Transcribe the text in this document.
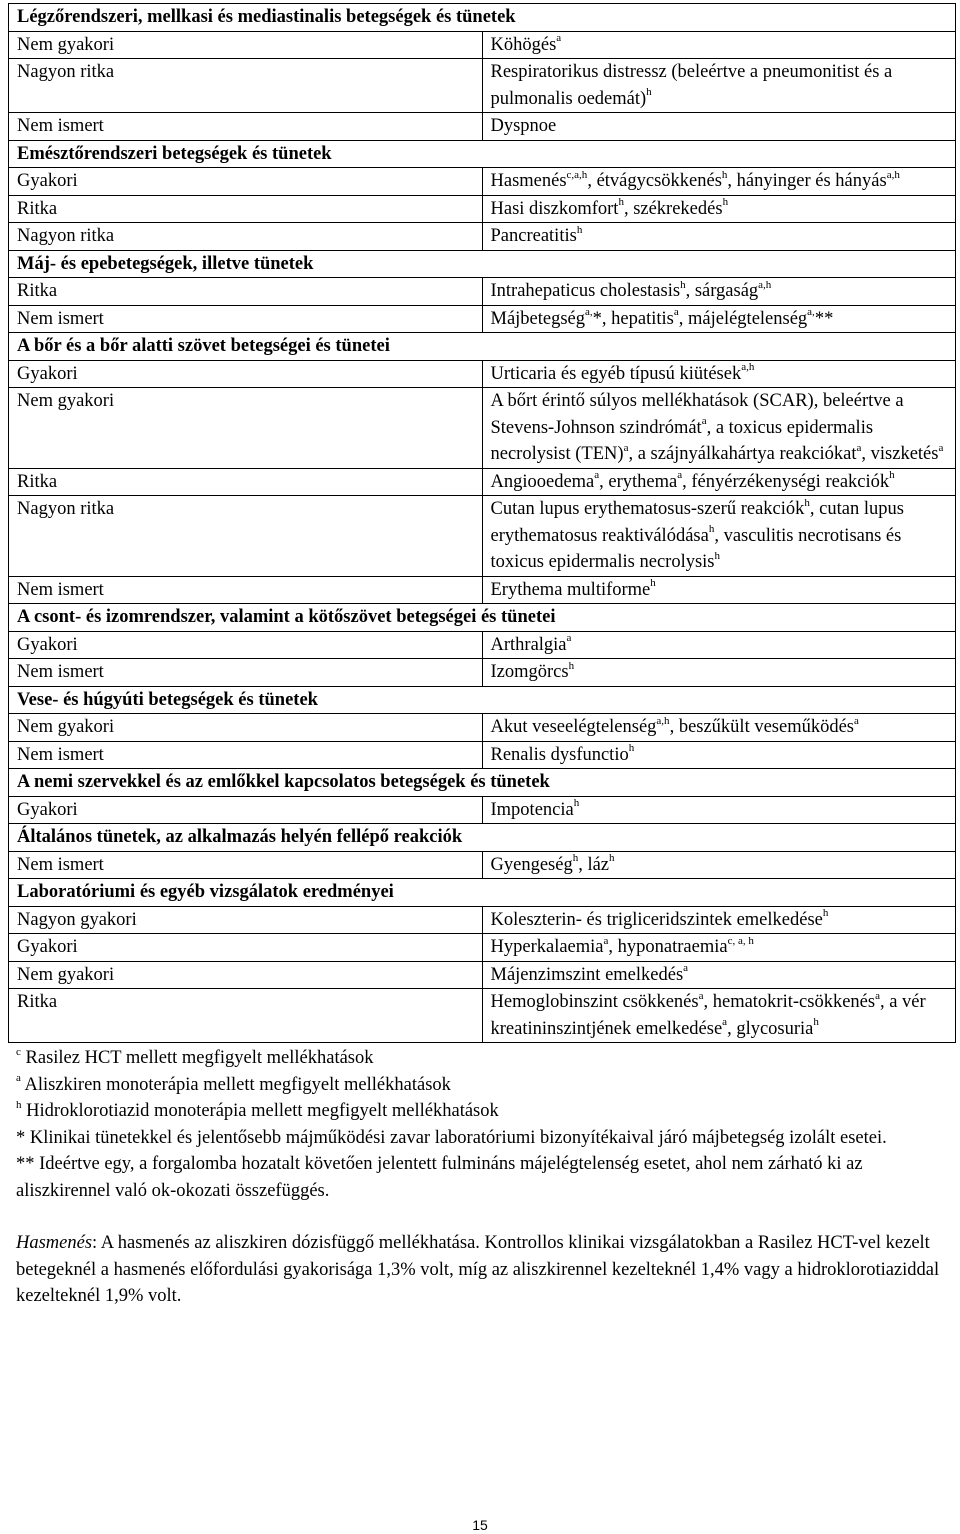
Légzőrendszeri, mellkasi és mediastinalis betegségek és tünetek	
Nem gyakori	Köhögés$^a$
Nagyon ritka	Respiratorikus distressz (beleértve a pneumonitist és a pulmonalis oedemát)$^h$
Nem ismert	Dyspnoe
Emésztőrendszeri betegségek és tünetek	
Gyakori	Hasmenés$^{c,a,h}$, étvágycsökkenés$^h$, hányinger és hányás$^{a,h}$
Ritka	Hasi diszkomfort$^h$, székrekedés$^h$
Nagyon ritka	Pancreatitis$^h$
Máj- és epebetegségek, illetve tünetek	
Ritka	Intrahepaticus cholestasis$^h$, sárgaság$^{a,h}$
Nem ismert	Májbetegség$^{a,}$*, hepatitis$^a$, májelégtelenség$^{a,}$**
A bőr és a bőr alatti szövet betegségei és tünetei	
Gyakori	Urticaria és egyéb típusú kiütések$^{a,h}$
Nem gyakori	A bőrt érintő súlyos mellékhatások (SCAR), beleértve a Stevens-Johnson szindrómát$^a$, a toxicus epidermalis necrolysist (TEN)$^a$, a szájnyálkahártya reakciókat$^a$, viszketés$^a$
Ritka	Angiooedema$^a$, erythema$^a$, fényérzékenységi reakciók$^h$
Nagyon ritka	Cutan lupus erythematosus-szerű reakciók$^h$, cutan lupus erythematosus reaktiválódása$^h$, vasculitis necrotisans és toxicus epidermalis necrolysis$^h$
Nem ismert	Erythema multiforme$^h$
A csont- és izomrendszer, valamint a kötőszövet betegségei és tünetei	
Gyakori	Arthralgia$^a$
Nem ismert	Izomgörcs$^h$
Vese- és húgyúti betegségek és tünetek	
Nem gyakori	Akut veseelégtelenség$^{a,h}$, beszűkült veseműködés$^a$
Nem ismert	Renalis dysfunctio$^h$
A nemi szervekkel és az emlőkkel kapcsolatos betegségek és tünetek	
Gyakori	Impotencia$^h$
Általános tünetek, az alkalmazás helyén fellépő reakciók	
Nem ismert	Gyengeség$^h$, láz$^h$
Laboratóriumi és egyéb vizsgálatok eredményei	
Nagyon gyakori	Koleszterin- és trigliceridszintek emelkedése$^h$
Gyakori	Hyperkalaemia$^a$, hyponatraemia$^{c, a, h}$
Nem gyakori	Májenzimszint emelkedés$^a$
Ritka	Hemoglobinszint csökkenés$^a$, hematokrit-csökkenés$^a$, a vér kreatininszintjének emelkedése$^a$, glycosuria$^h$

$^c$ Rasilez HCT mellett megfigyelt mellékhatások

$^a$ Aliszkiren monoterápia mellett megfigyelt mellékhatások

$^h$ Hidroklorotiazid monoterápia mellett megfigyelt mellékhatások

* Klinikai tünetekkel és jelentősebb májműködési zavar laboratóriumi bizonyítékaival járó májbetegség izolált esetei.

** Ideértve egy, a forgalomba hozatalt követően jelentett fulmináns májelégtelenség esetet, ahol nem zárható ki az aliszkirennel való ok-okozati összefüggés.

Hasmenés: A hasmenés az aliszkiren dózisfüggő mellékhatása. Kontrollos klinikai vizsgálatokban a Rasilez HCT-vel kezelt betegeknél a hasmenés előfordulási gyakorisága 1,3% volt, míg az aliszkirennel kezelteknél 1,4% vagy a hidroklorotiaziddal kezelteknél 1,9% volt.
15
